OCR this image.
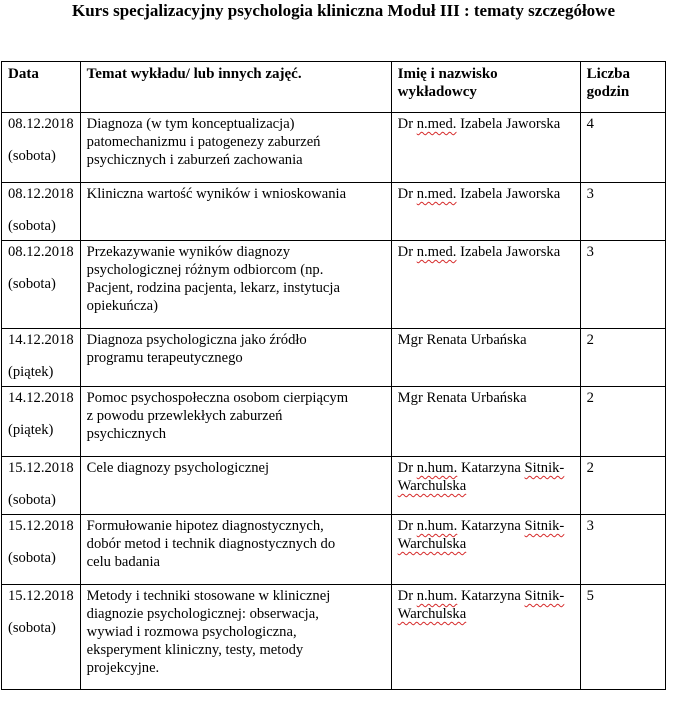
Kurs specjalizacyjny psychologia kliniczna Moduł III : tematy szczegółowe
Data	Temat wykładu/ lub innych zajęć.	Imię i nazwisko wykładowcy	Liczba godzin
08.12.2018
(sobota)	Diagnoza (w tym konceptualizacja)
patomechanizmu i patogenezy zaburzeń
psychicznych i zaburzeń zachowania	Dr n.med. Izabela Jaworska	4
08.12.2018
(sobota)	Kliniczna wartość wyników i wnioskowania	Dr n.med. Izabela Jaworska	3
08.12.2018
(sobota)	Przekazywanie wyników diagnozy
psychologicznej różnym odbiorcom (np.
Pacjent, rodzina pacjenta, lekarz, instytucja
opiekuńcza)	Dr n.med. Izabela Jaworska	3
14.12.2018
(piątek)	Diagnoza psychologiczna jako źródło
programu terapeutycznego	Mgr Renata Urbańska	2
14.12.2018
(piątek)	Pomoc psychospołeczna osobom cierpiącym
z powodu przewlekłych zaburzeń
psychicznych	Mgr Renata Urbańska	2
15.12.2018
(sobota)	Cele diagnozy psychologicznej	Dr n.hum. Katarzyna Sitnik-Warchulska	2
15.12.2018
(sobota)	Formułowanie hipotez diagnostycznych,
dobór metod i technik diagnostycznych do
celu badania	Dr n.hum. Katarzyna Sitnik-Warchulska	3
15.12.2018
(sobota)	Metody i techniki stosowane w klinicznej
diagnozie psychologicznej: obserwacja,
wywiad i rozmowa psychologiczna,
eksperyment kliniczny, testy, metody
projekcyjne.	Dr n.hum. Katarzyna Sitnik-Warchulska	5
